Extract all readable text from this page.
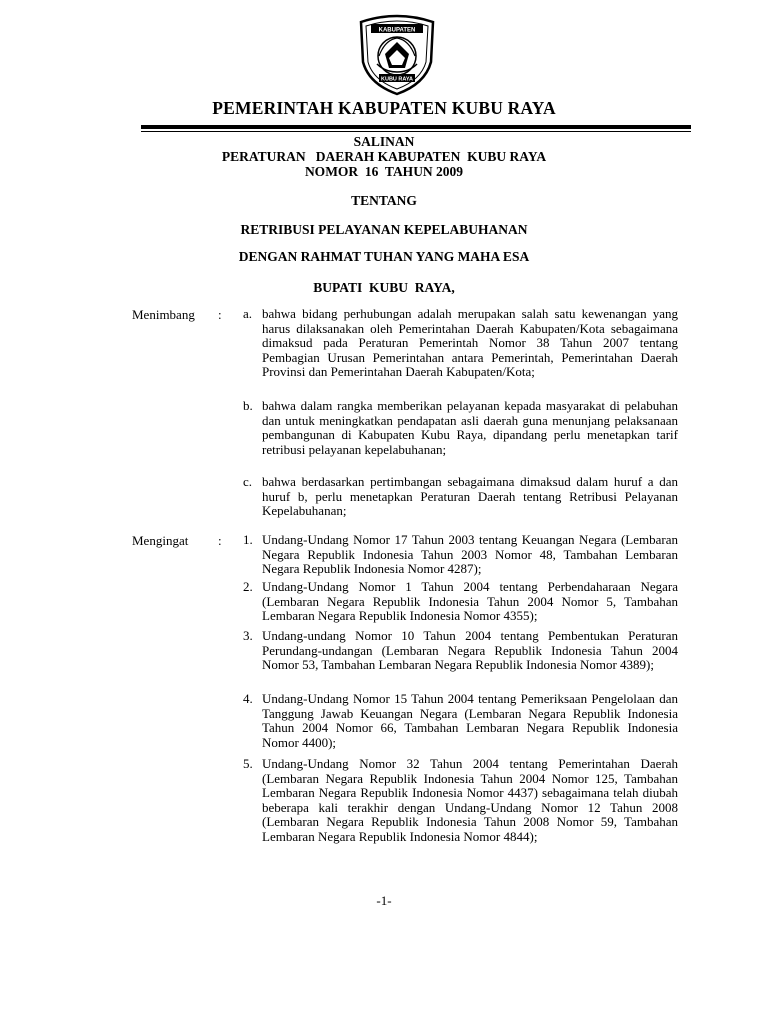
KABUPATEN
KUBU RAYA
PEMERINTAH KABUPATEN KUBU RAYA
SALINAN
PERATURAN   DAERAH KABUPATEN  KUBU RAYA
NOMOR  16  TAHUN 2009
TENTANG
RETRIBUSI PELAYANAN KEPELABUHANAN
DENGAN RAHMAT TUHAN YANG MAHA ESA
BUPATI  KUBU  RAYA,
Menimbang : a. bahwa bidang perhubungan adalah merupakan salah satu kewenangan yang harus dilaksanakan oleh Pemerintahan Daerah Kabupaten/Kota sebagaimana dimaksud pada Peraturan Pemerintah Nomor 38 Tahun 2007 tentang Pembagian Urusan Pemerintahan antara Pemerintah, Pemerintahan Daerah Provinsi dan Pemerintahan Daerah Kabupaten/Kota;
b. bahwa dalam rangka memberikan pelayanan kepada masyarakat di pelabuhan dan untuk meningkatkan pendapatan asli daerah guna menunjang pelaksanaan pembangunan di Kabupaten Kubu Raya, dipandang perlu menetapkan tarif retribusi pelayanan kepelabuhanan;
c. bahwa berdasarkan pertimbangan sebagaimana dimaksud dalam huruf a dan huruf b, perlu menetapkan Peraturan Daerah tentang Retribusi Pelayanan Kepelabuhanan;
Mengingat : 1. Undang-Undang Nomor 17 Tahun 2003 tentang Keuangan Negara (Lembaran Negara Republik Indonesia Tahun 2003 Nomor 48, Tambahan Lembaran Negara Republik Indonesia Nomor 4287);
2. Undang-Undang Nomor 1 Tahun 2004 tentang Perbendaharaan Negara (Lembaran Negara Republik Indonesia Tahun 2004 Nomor 5, Tambahan Lembaran Negara Republik Indonesia Nomor 4355);
3. Undang-undang Nomor 10 Tahun 2004 tentang Pembentukan Peraturan Perundang-undangan (Lembaran Negara Republik Indonesia Tahun 2004 Nomor 53, Tambahan Lembaran Negara Republik Indonesia Nomor 4389);
4. Undang-Undang Nomor 15 Tahun 2004 tentang Pemeriksaan Pengelolaan dan Tanggung Jawab Keuangan Negara (Lembaran Negara Republik Indonesia Tahun 2004 Nomor 66, Tambahan Lembaran Negara Republik Indonesia Nomor 4400);
5. Undang-Undang Nomor 32 Tahun 2004 tentang Pemerintahan Daerah (Lembaran Negara Republik Indonesia Tahun 2004 Nomor 125, Tambahan Lembaran Negara Republik Indonesia Nomor 4437) sebagaimana telah diubah beberapa kali terakhir dengan Undang-Undang Nomor 12 Tahun 2008 (Lembaran Negara Republik Indonesia Tahun 2008 Nomor 59, Tambahan Lembaran Negara Republik Indonesia Nomor 4844);
-1-
